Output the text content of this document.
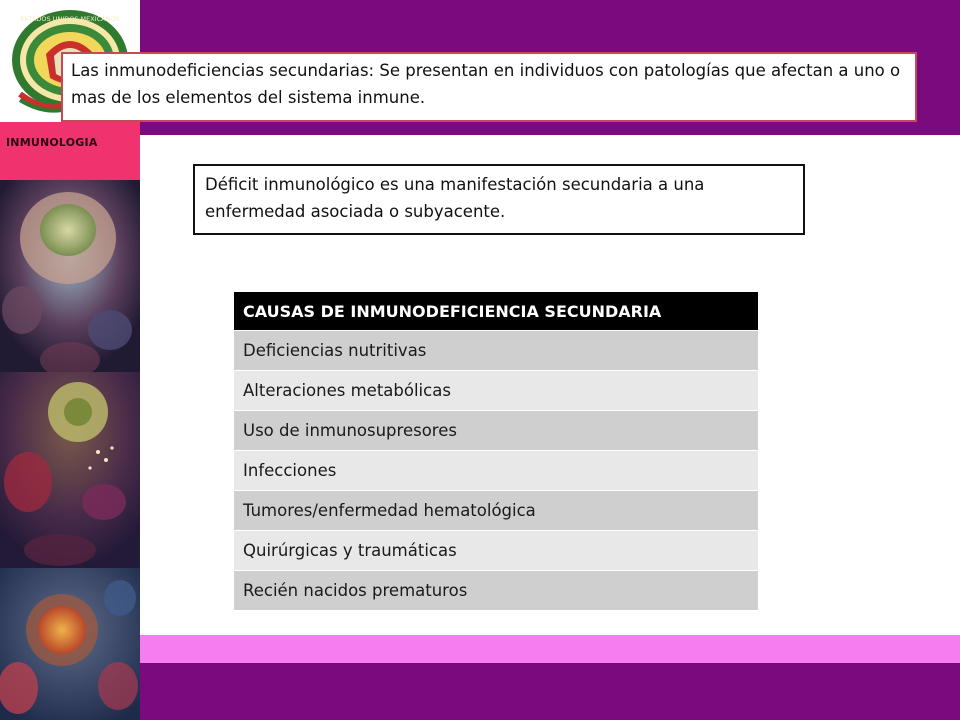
ESTADOS UNIDOS MEXICANOS
INMUNOLOGIA
Las inmunodeficiencias secundarias: Se presentan en individuos con patologías que afectan a uno o mas de los elementos del sistema inmune.
Déficit inmunológico es una manifestación secundaria a una enfermedad asociada o subyacente.
CAUSAS DE INMUNODEFICIENCIA SECUNDARIA
Deficiencias nutritivas
Alteraciones metabólicas
Uso de inmunosupresores
Infecciones
Tumores/enfermedad hematológica
Quirúrgicas y traumáticas
Recién nacidos prematuros
